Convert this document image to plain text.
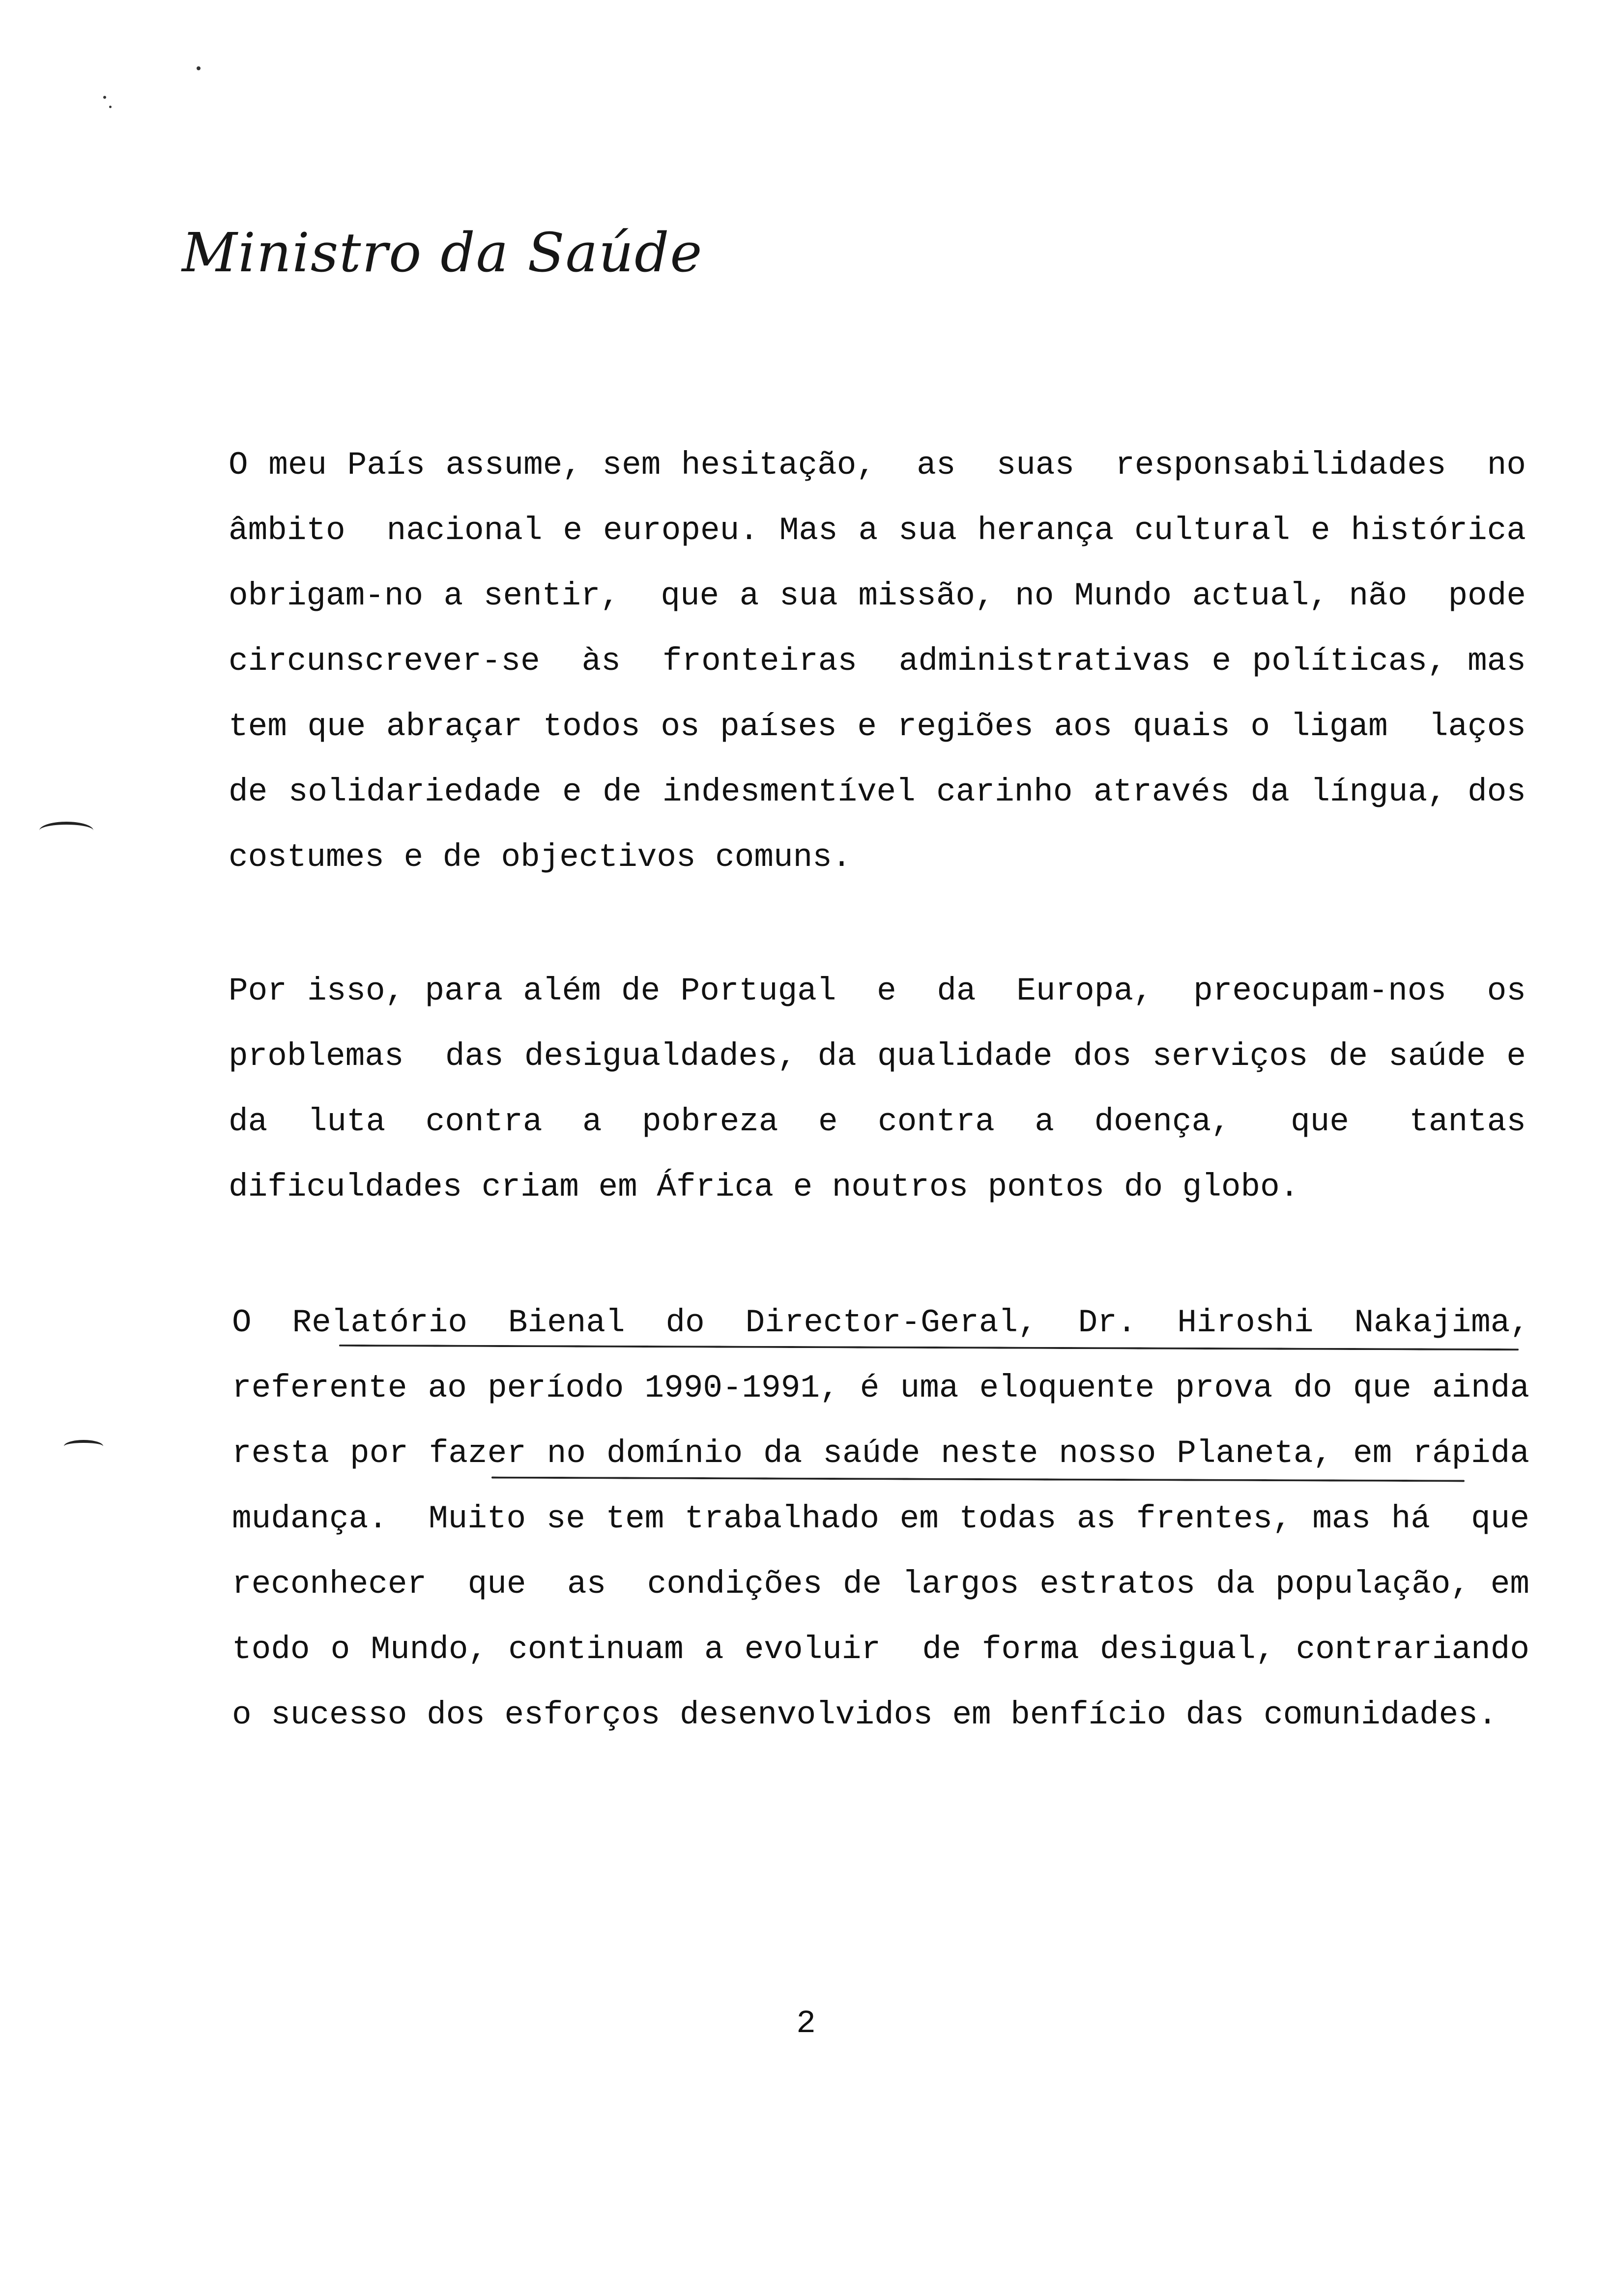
Ministro da Saúde
O meu País assume, sem hesitação,  as  suas  responsabilidades  no
âmbito  nacional e europeu. Mas a sua herança cultural e histórica
obrigam-no a sentir,  que a sua missão, no Mundo actual, não  pode
circunscrever-se  às  fronteiras  administrativas e políticas, mas
tem que abraçar todos os países e regiões aos quais o ligam  laços
de solidariedade e de indesmentível carinho através da língua, dos
costumes e de objectivos comuns.
Por isso, para além de Portugal  e  da  Europa,  preocupam-nos  os
problemas  das desigualdades, da qualidade dos serviços de saúde e
da  luta  contra  a  pobreza  e  contra  a  doença,   que   tantas
dificuldades criam em África e noutros pontos do globo.
O  Relatório  Bienal  do  Director-Geral,  Dr.  Hiroshi  Nakajima,
referente ao período 1990-1991, é uma eloquente prova do que ainda
resta por fazer no domínio da saúde neste nosso Planeta, em rápida
mudança.  Muito se tem trabalhado em todas as frentes, mas há  que
reconhecer  que  as  condições de largos estratos da população, em
todo o Mundo, continuam a evoluir  de forma desigual, contrariando
o sucesso dos esforços desenvolvidos em benfício das comunidades.
2
